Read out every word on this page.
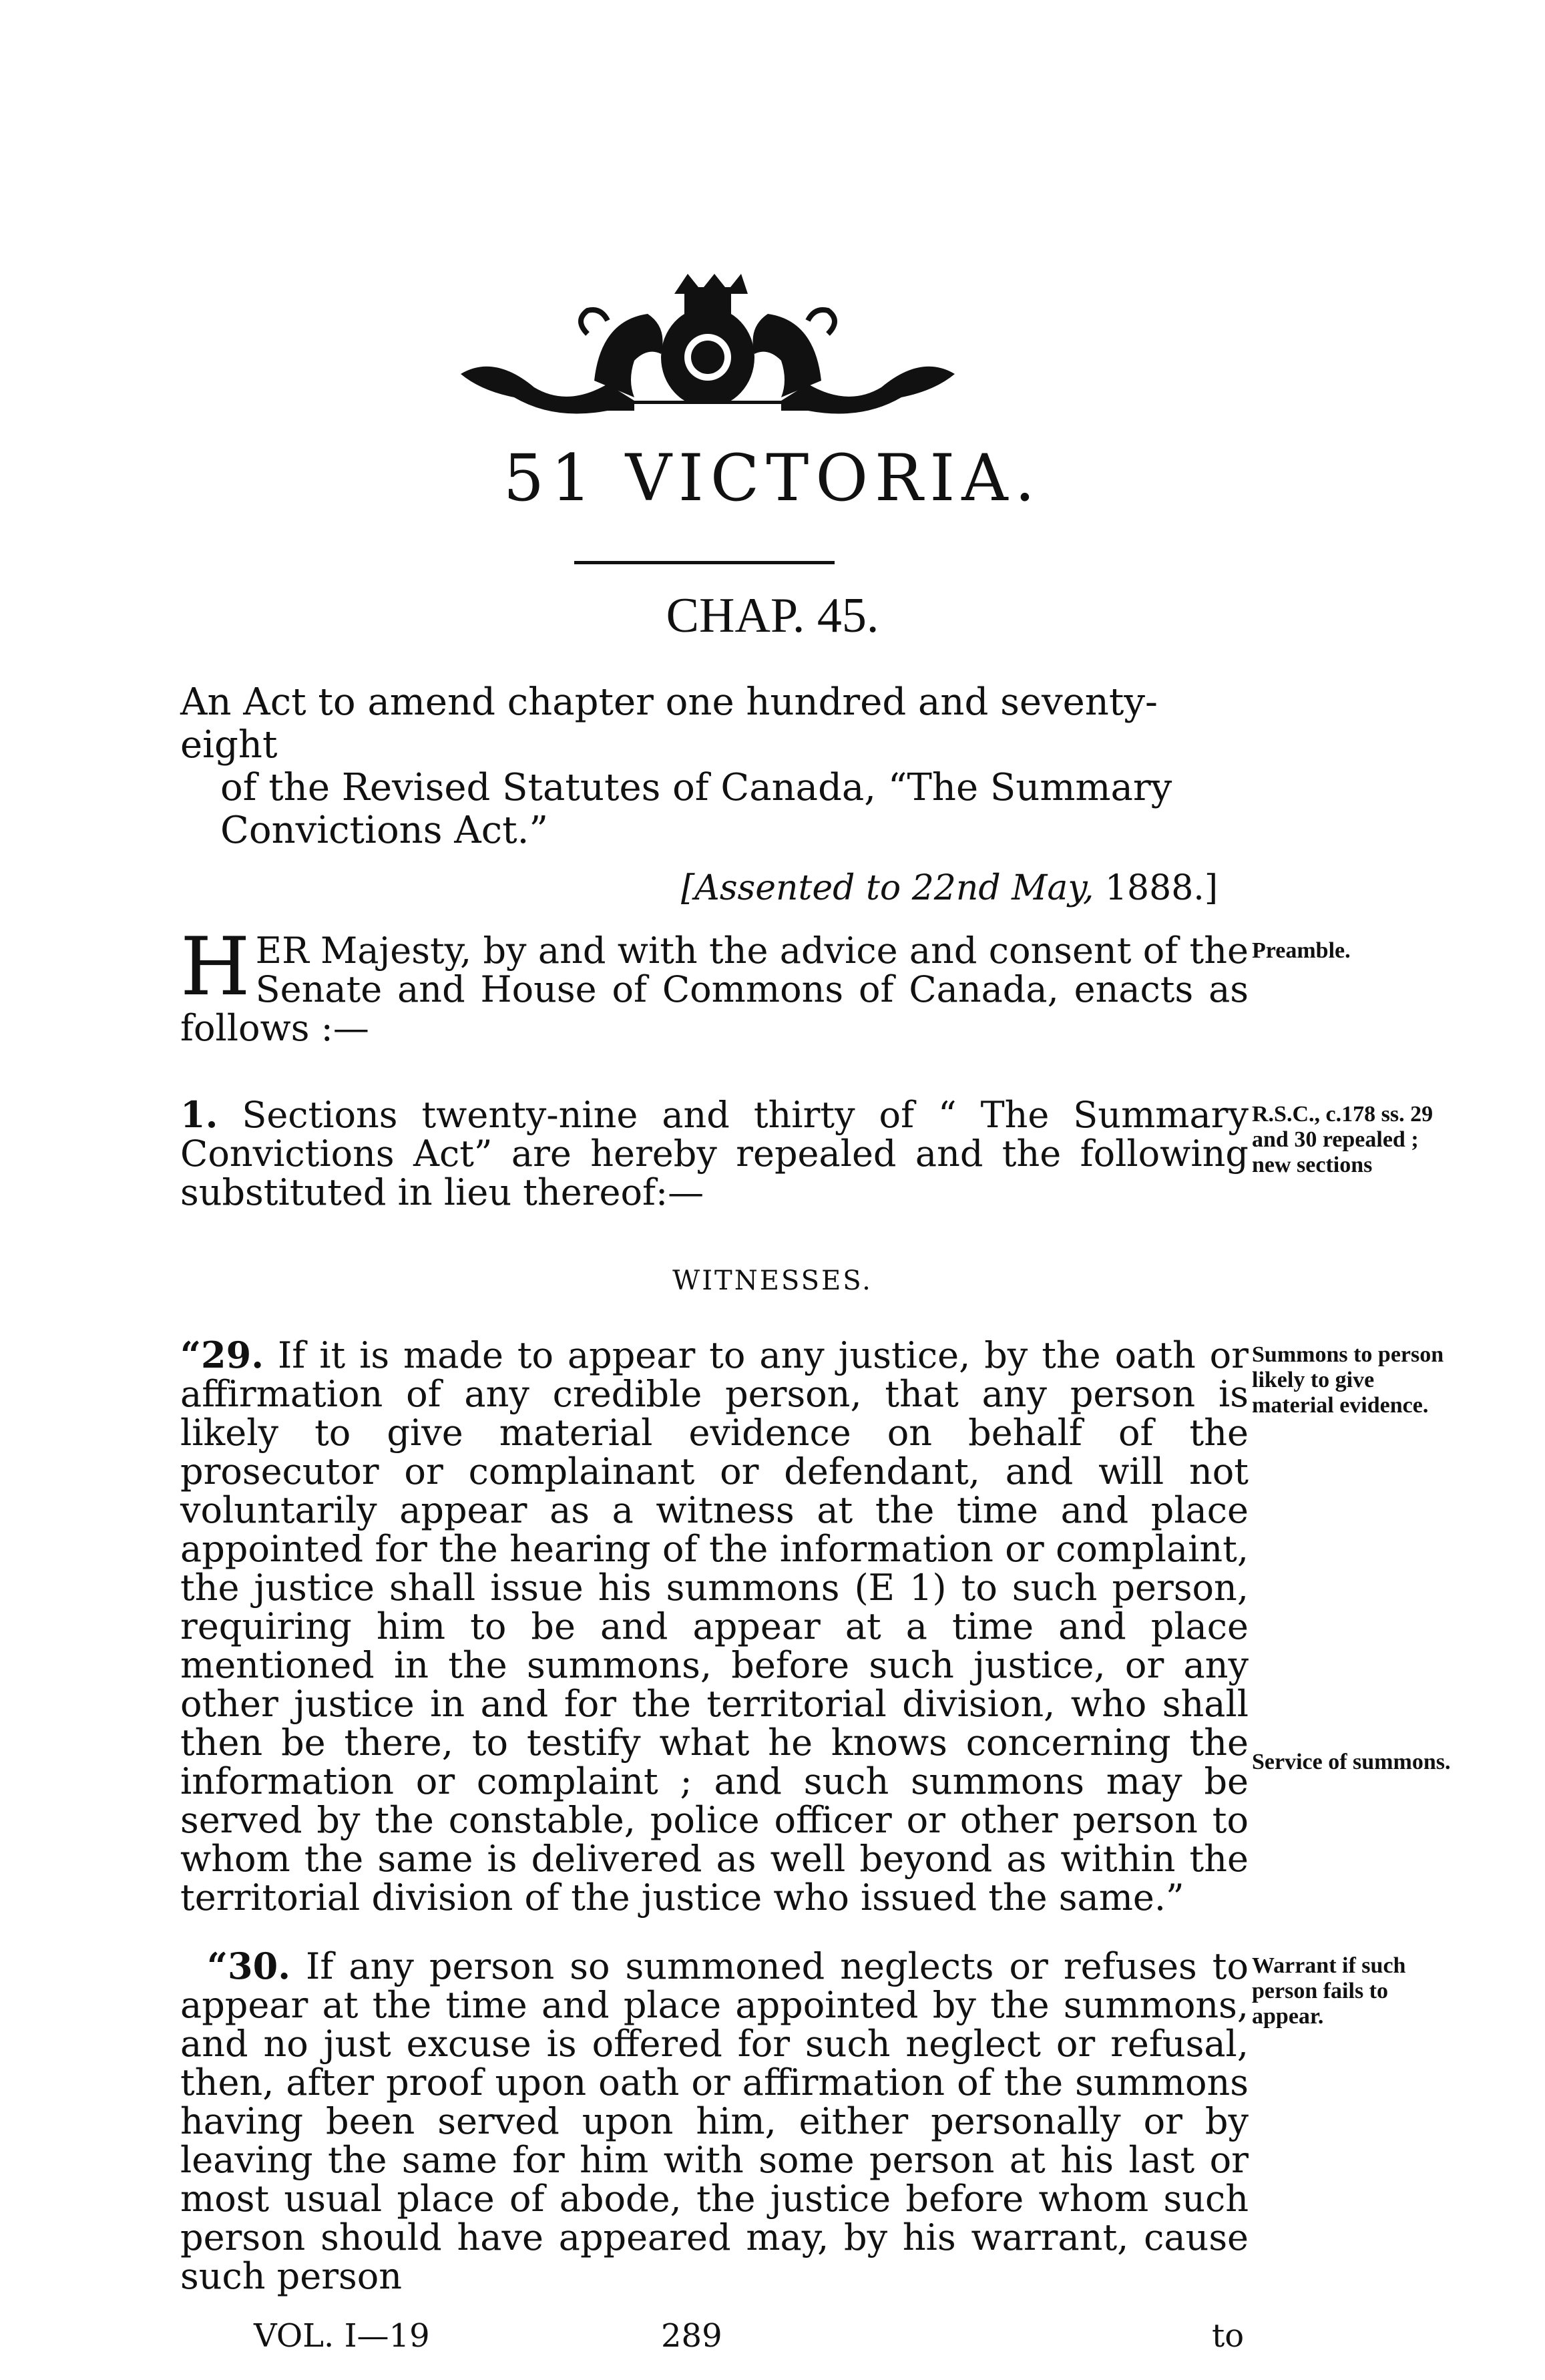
51 VICTORIA.
CHAP. 45.
An Act to amend chapter one hundred and seventy-eight
of the Revised Statutes of Canada, “The Summary
Convictions Act.”
[Assented to 22nd May, 1888.]
H ER Majesty, by and with the advice and consent of the Senate and House of Commons of Canada, enacts as follows :—
Preamble.
1. Sections twenty-nine and thirty of “ The Summary Convictions Act” are hereby repealed and the following substituted in lieu thereof:—
R.S.C., c.178 ss. 29 and 30 repealed ; new sections
WITNESSES.
“29. If it is made to appear to any justice, by the oath or affirmation of any credible person, that any person is likely to give material evidence on behalf of the prosecutor or complainant or defendant, and will not voluntarily appear as a witness at the time and place appointed for the hearing of the information or complaint, the justice shall issue his summons (E 1) to such person, requiring him to be and appear at a time and place mentioned in the summons, before such justice, or any other justice in and for the territorial division, who shall then be there, to testify what he knows concerning the information or complaint ; and such summons may be served by the constable, police officer or other person to whom the same is delivered as well beyond as within the territorial division of the justice who issued the same.”
Summons to person likely to give material evidence.
Service of summons.
“30. If any person so summoned neglects or refuses to appear at the time and place appointed by the summons, and no just excuse is offered for such neglect or refusal, then, after proof upon oath or affirmation of the summons having been served upon him, either personally or by leaving the same for him with some person at his last or most usual place of abode, the justice before whom such person should have appeared may, by his warrant, cause such person
Warrant if such person fails to appear.
VOL. I—19	289	to
